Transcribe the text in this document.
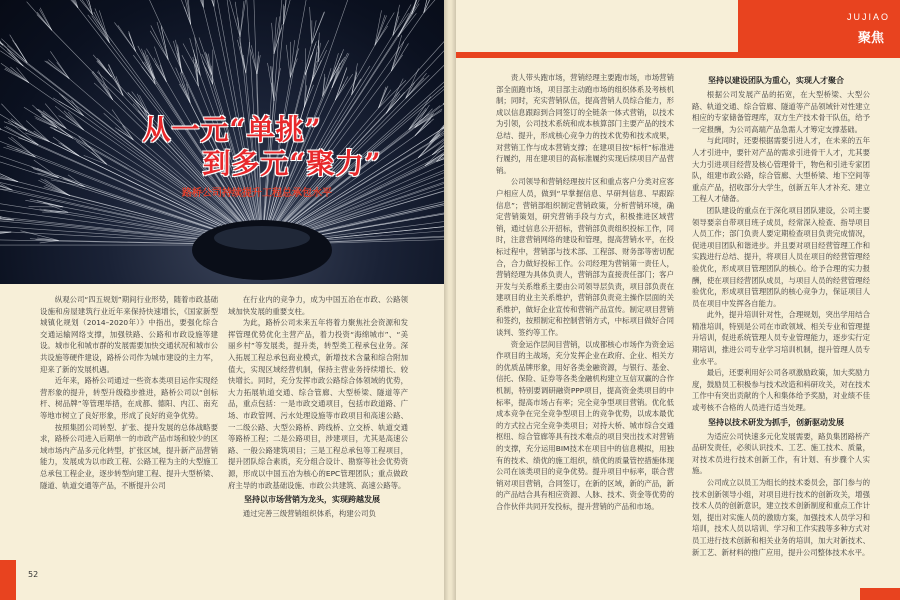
从一元“单挑”
到多元“聚力”
路桥公司持续提升工程总承包水平

纵观公司“四五规划”期间行业形势，随着市政基础设施和房屋建筑行业近年来保持快速增长，《国家新型城镇化规划（2014–2020年）》中指出，要强化综合交通运输网络支撑，加强铁路、公路和市政设施等建设。城市化和城市群的发展需要加快交通状况和城市公共设施等硬件建设，路桥公司作为城市建设的主力军，迎来了新的发展机遇。

近年来，路桥公司通过一些资本类项目运作实现经营形象的提升，转型升级稳步推进，路桥公司以“创标杆、树品牌”等管理举措，在成都、德阳、内江、南充等地市树立了良好形象，形成了良好的竞争优势。

按照集团公司转型、扩张、提升发展的总体战略要求，路桥公司进入后期单一的市政产品市场和较少的区域市场内产品多元化转型，扩张区域，提升新产品营销能力，发展成为以市政工程、公路工程为主的大型施工总承包工程企业，逐步转型向建工程、提升大型桥梁、隧道、轨道交通等产品，不断提升公司

在行业内的竞争力，成为中国五冶在市政、公路领域加快发展的重要支柱。

为此，路桥公司未来五年将着力聚焦社会资源和发挥管理优势优化主营产品，着力投资“海绵城市”、“美丽乡村”等发展类，提升类，转型类工程承包业务。深入拓展工程总承包商业模式，新增技术含量和综合附加值大，实现区域经营机制，保持主营业务持续增长、较快增长。同时，充分发挥市政公路综合体领域的优势，大力拓展轨道交通、综合管廊、大型桥梁、隧道等产品，重点包括：一是市政交通项目，包括市政道路、广场、市政管网、污水处理设施等市政项目和高速公路、一二级公路、大型公路桥、跨线桥、立交桥、轨道交通等路桥工程；二是公路项目，涉建项目，尤其是高速公路、一般公路建筑项目；三是工程总承包等工程项目，提升团队综合素质，充分组合设计、勘察等社会优势资源，形成以中国五冶为核心的EPC管理团队；重点做政府主导的市政基础设施、市政公共建筑、高速公路等。

坚持以市场营销为龙头，实现跨越发展

通过完善三级营销组织体系，构建公司负

52
JUJIAO
聚焦

责人带头跑市场，营销经理主要跑市场，市场营销部全面跑市场，项目部主动跑市场的组织体系及考核机制；同时，充实营销队伍，提高营销人员综合能力，形成以信息跟踪到合同签订的全链条一体式营销，以技术为引领，公司技术系统和成本核算部门主要产品的技术总结、提升，形成核心竞争力的技术优势和技术成果，对营销工作与成本营销支撑；在建项目按“标杆”标准进行履约，用在建项目的高标准履约实现后续项目产品营销。

公司领导和营销经理按片区和重点客户分类对应客户相应人员，做到“早掌握信息、早研判信息、早跟踪信息”；营销部组织制定营销政策，分析营销环境，确定营销策划，研究营销手段与方式，积极推进区域营销，通过信息公开招标，营销部负责组织投标工作，同时，注意营销网络的建设和管理，提高营销水平，在投标过程中，营销部与技术部、工程部、财务部等密切配合，合力做好投标工作。公司经理为营销第一责任人，营销经理为具体负责人，营销部为直接责任部门；客户开发与关系维系主要由公司领导层负责，项目部负责在建项目的业主关系维护，营销部负责竞主操作层面的关系维护，做好企业宣传和营销产品宣传。制定项目营销和签约，按照制定和控制营销方式，中标项目做好合同谈判、签约等工作。

资金运作层间目营销，以成都核心市场作为资金运作项目的主战场，充分发挥企业在政府、企业、相关方的优质品牌形象，用好各类金融资源，与银行、基金、信托、保险、证券等各类金融机构建立互信双赢的合作机制，特别要调研融资PPP项目，提高资金类项目的中标率，提高市场占有率；完全竞争型项目营销。优化低成本竞争在完全竞争型项目上的竞争优势，以成本最优的方式拉占完全竞争类项目；对持大桥、城市综合交通枢纽、综合管廊等具有技术难点的项目突出技术对营销的支撑，充分运用BIM技术在项目中的信息模拟，用独有的技术、绩优的施工组织，绩优的质量管控措施体现公司在该类项目的竞争优势。提升项目中标率，联合营销对项目营销，合同签订，在新的区域，新的产品，新的产品结合具有相应资源、人脉、技术、资金等优势的合作伙伴共同开发投标，提升营销的产品和市场。

坚持以建设团队为重心，实现人才聚合

根据公司发展产品的拓宽，在大型桥梁、大型公路、轨道交通、综合管廊、隧道等产品领域针对性建立相应的专家储备管理库，双方生产技术骨干队伍，给予一定报酬，为公司高端产品急需人才筹定支撑基础。

与此同时，还要根据需要引进人才，在未来的五年人才引进中，要针对产品的需求引进骨干人才，尤其要大力引进项目经营及核心管理骨干，物色和引进专家团队，组建市政公路，综合管廊、大型桥梁、地下空间等重点产品，招收部分大学生，创新五年人才补充、建立工程人才储备。

团队建设的重点在于深化项目团队建设，公司主要领导要亲自带项目班子成员，经常深入检查、指导项目人员工作；部门负责人要定期检查项目负责完成情况，促进项目团队和谐进步。并且要对项目经营管理工作和实践进行总结、提升，将项目人员在项目的经营管理经验优化，形成项目管理团队的核心。给予合理的实力报酬，使在项目经营团队成员，与项目人员的经营管理经验优化，形成项目管理团队的核心竞争力，保证项目人员在项目中发挥各自能力。

此外，提升培训针对性，合理规划，突出学用结合精准培训，特别是公司在市政领域、相关专业和管理提升培训，促进系统管理人员专业管理能力，逐步实行定期培训，推进公司专业学习培训机制，提升管理人员专业水平。

最后，还要利用好公司各项激励政策，加大奖励力度，鼓励员工积极参与技术改造和科研攻关，对在技术工作中有突出贡献的个人和集体给予奖励，对业绩不佳或考核不合格的人员进行适当处理。

坚持以技术研发为抓手，创新驱动发展

为适应公司快速多元化发展需要，路负集团路桥产品研发责任，必须认识技术、工艺、施工技术、质量，对技术员进行技术创新工作，有计划、有步骤个人实施。

公司成立以员工为组长的技术委员会，部门参与的技术创新领导小组，对项目进行技术的创新攻关，增强技术人员的创新意识，建立技术创新制度和重点工作计划，提出对实施人员的激励方案，加强技术人员学习和培训，技术人员以培训、学习和工作实践等多种方式对员工进行技术创新和相关业务的培训，加大对新技术、新工艺、新材料的推广应用，提升公司整体技术水平。
